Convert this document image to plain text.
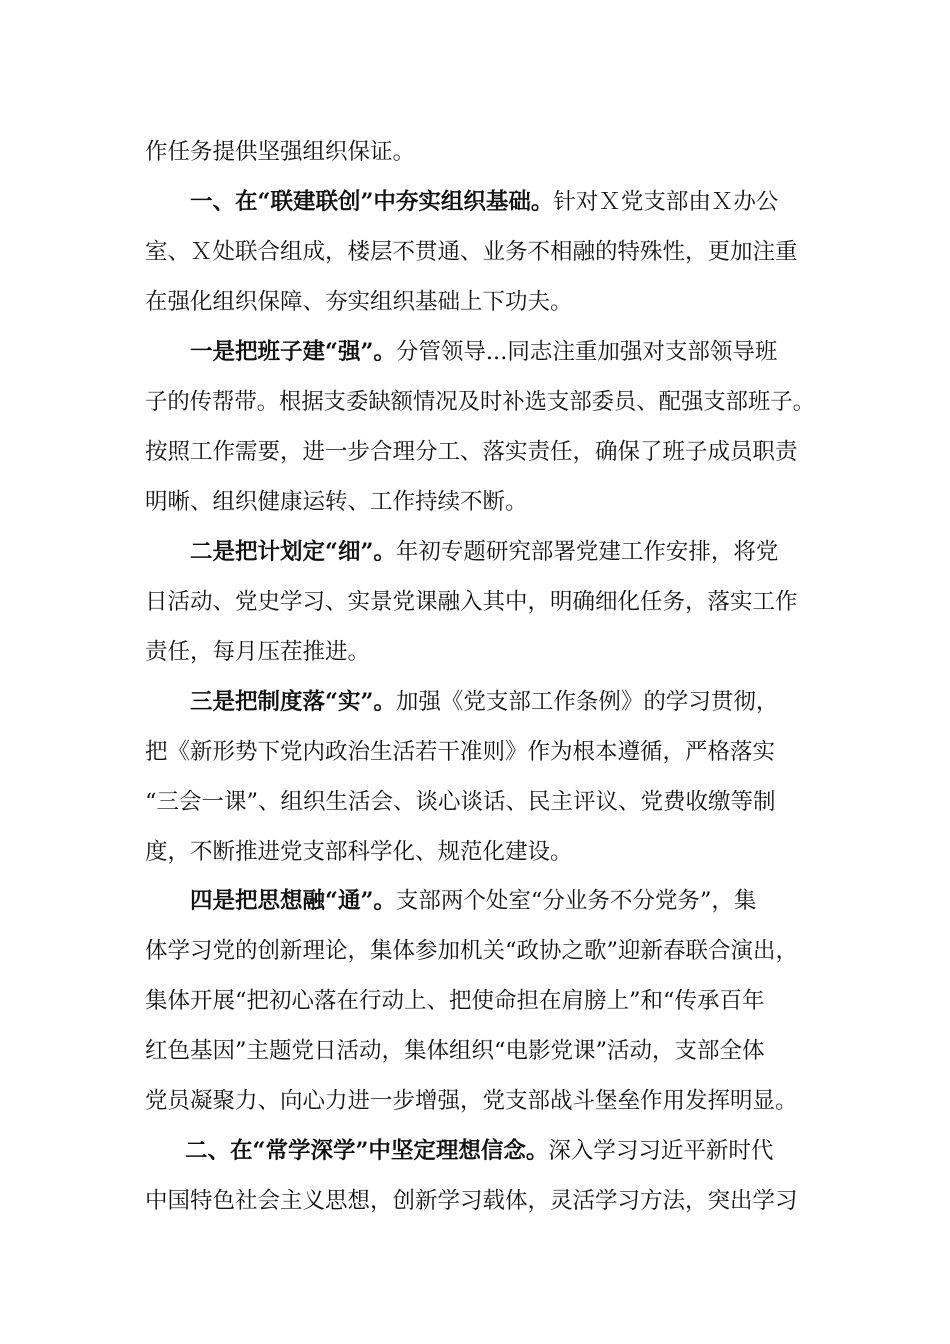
作任务提供坚强组织保证。
一、在“联建联创”中夯实组织基础。针对Ｘ党支部由Ｘ办公
室、Ｘ处联合组成，楼层不贯通、业务不相融的特殊性，更加注重
在强化组织保障、夯实组织基础上下功夫。
一是把班子建“强”。分管领导...同志注重加强对支部领导班
子的传帮带。根据支委缺额情况及时补选支部委员、配强支部班子。
按照工作需要，进一步合理分工、落实责任，确保了班子成员职责
明晰、组织健康运转、工作持续不断。
二是把计划定“细”。年初专题研究部署党建工作安排，将党
日活动、党史学习、实景党课融入其中，明确细化任务，落实工作
责任，每月压茬推进。
三是把制度落“实”。加强《党支部工作条例》的学习贯彻，
把《新形势下党内政治生活若干准则》作为根本遵循，严格落实
“三会一课”、组织生活会、谈心谈话、民主评议、党费收缴等制
度，不断推进党支部科学化、规范化建设。
四是把思想融“通”。支部两个处室“分业务不分党务”，集
体学习党的创新理论，集体参加机关“政协之歌”迎新春联合演出，
集体开展“把初心落在行动上、把使命担在肩膀上”和“传承百年
红色基因”主题党日活动，集体组织“电影党课”活动，支部全体
党员凝聚力、向心力进一步增强，党支部战斗堡垒作用发挥明显。
二、在“常学深学”中坚定理想信念。深入学习习近平新时代
中国特色社会主义思想，创新学习载体，灵活学习方法，突出学习
